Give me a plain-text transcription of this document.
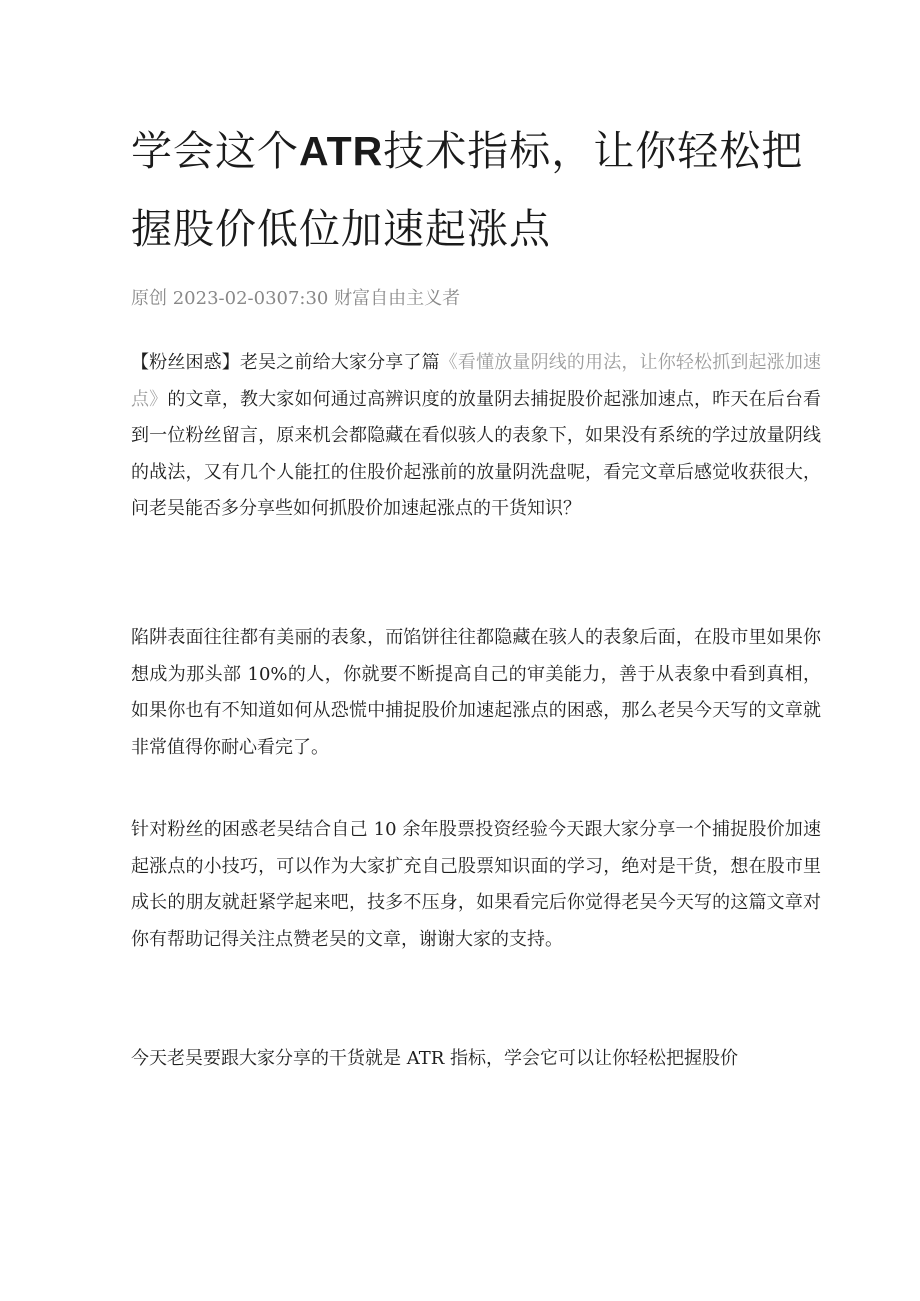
学会这个ATR技术指标，让你轻松把握股价低位加速起涨点
原创 2023-02-0307:30 财富自由主义者

【粉丝困惑】老吴之前给大家分享了篇《看懂放量阴线的用法，让你轻松抓到起涨加速点》的文章，教大家如何通过高辨识度的放量阴去捕捉股价起涨加速点，昨天在后台看到一位粉丝留言，原来机会都隐藏在看似骇人的表象下，如果没有系统的学过放量阴线的战法，又有几个人能扛的住股价起涨前的放量阴洗盘呢，看完文章后感觉收获很大，问老吴能否多分享些如何抓股价加速起涨点的干货知识？

陷阱表面往往都有美丽的表象，而馅饼往往都隐藏在骇人的表象后面，在股市里如果你想成为那头部 10%的人，你就要不断提高自己的审美能力，善于从表象中看到真相，如果你也有不知道如何从恐慌中捕捉股价加速起涨点的困惑，那么老吴今天写的文章就非常值得你耐心看完了。

针对粉丝的困惑老吴结合自己 10 余年股票投资经验今天跟大家分享一个捕捉股价加速起涨点的小技巧，可以作为大家扩充自己股票知识面的学习，绝对是干货，想在股市里成长的朋友就赶紧学起来吧，技多不压身，如果看完后你觉得老吴今天写的这篇文章对你有帮助记得关注点赞老吴的文章，谢谢大家的支持。

今天老吴要跟大家分享的干货就是 ATR 指标，学会它可以让你轻松把握股价
